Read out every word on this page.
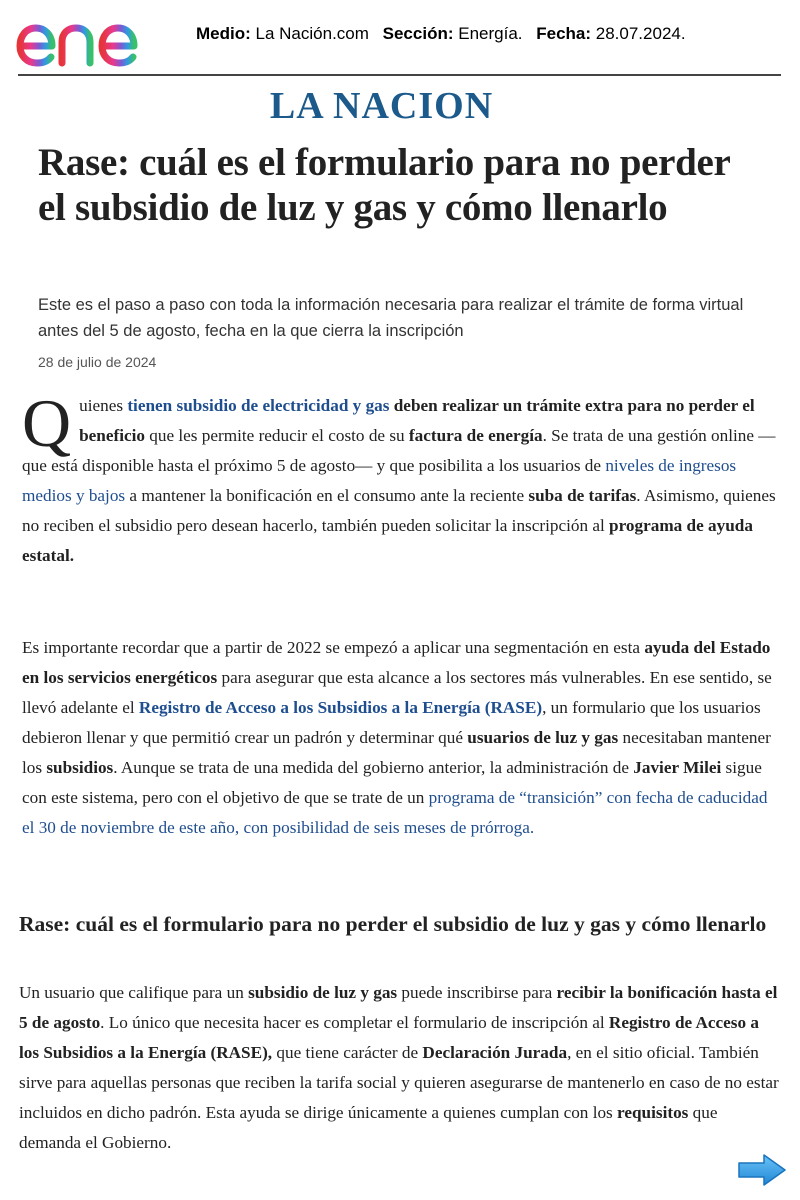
Medio: La Nación.com Sección: Energía. Fecha: 28.07.2024.
LA NACION
Rase: cuál es el formulario para no perder el subsidio de luz y gas y cómo llenarlo

Este es el paso a paso con toda la información necesaria para realizar el trámite de forma virtual antes del 5 de agosto, fecha en la que cierra la inscripción

28 de julio de 2024

Quienes tienen subsidio de electricidad y gas deben realizar un trámite extra para no perder el beneficio que les permite reducir el costo de su factura de energía. Se trata de una gestión online —que está disponible hasta el próximo 5 de agosto— y que posibilita a los usuarios de niveles de ingresos medios y bajos a mantener la bonificación en el consumo ante la reciente suba de tarifas. Asimismo, quienes no reciben el subsidio pero desean hacerlo, también pueden solicitar la inscripción al programa de ayuda estatal.

Es importante recordar que a partir de 2022 se empezó a aplicar una segmentación en esta ayuda del Estado en los servicios energéticos para asegurar que esta alcance a los sectores más vulnerables. En ese sentido, se llevó adelante el Registro de Acceso a los Subsidios a la Energía (RASE), un formulario que los usuarios debieron llenar y que permitió crear un padrón y determinar qué usuarios de luz y gas necesitaban mantener los subsidios. Aunque se trata de una medida del gobierno anterior, la administración de Javier Milei sigue con este sistema, pero con el objetivo de que se trate de un programa de “transición” con fecha de caducidad el 30 de noviembre de este año, con posibilidad de seis meses de prórroga.

Rase: cuál es el formulario para no perder el subsidio de luz y gas y cómo llenarlo

Un usuario que califique para un subsidio de luz y gas puede inscribirse para recibir la bonificación hasta el 5 de agosto. Lo único que necesita hacer es completar el formulario de inscripción al Registro de Acceso a los Subsidios a la Energía (RASE), que tiene carácter de Declaración Jurada, en el sitio oficial. También sirve para aquellas personas que reciben la tarifa social y quieren asegurarse de mantenerlo en caso de no estar incluidos en dicho padrón. Esta ayuda se dirige únicamente a quienes cumplan con los requisitos que demanda el Gobierno.
